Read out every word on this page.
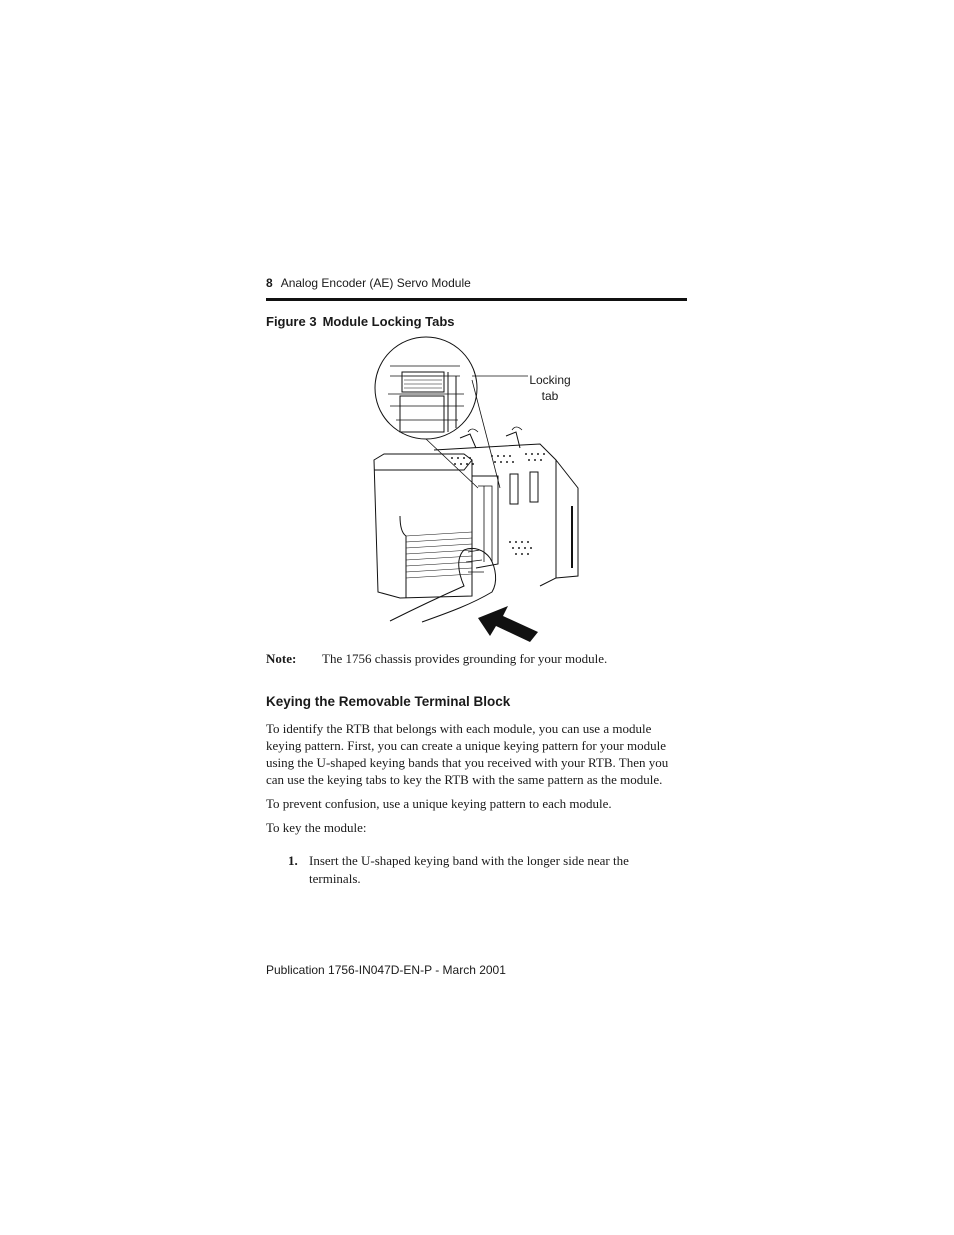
8 Analog Encoder (AE) Servo Module
Figure 3 Module Locking Tabs
Locking
tab
Note: The 1756 chassis provides grounding for your module.
Keying the Removable Terminal Block

To identify the RTB that belongs with each module, you can use a module keying pattern. First, you can create a unique keying pattern for your module using the U-shaped keying bands that you received with your RTB. Then you can use the keying tabs to key the RTB with the same pattern as the module.

To prevent confusion, use a unique keying pattern to each module.

To key the module:

1. Insert the U-shaped keying band with the longer side near the terminals.
Publication 1756-IN047D-EN-P - March 2001
